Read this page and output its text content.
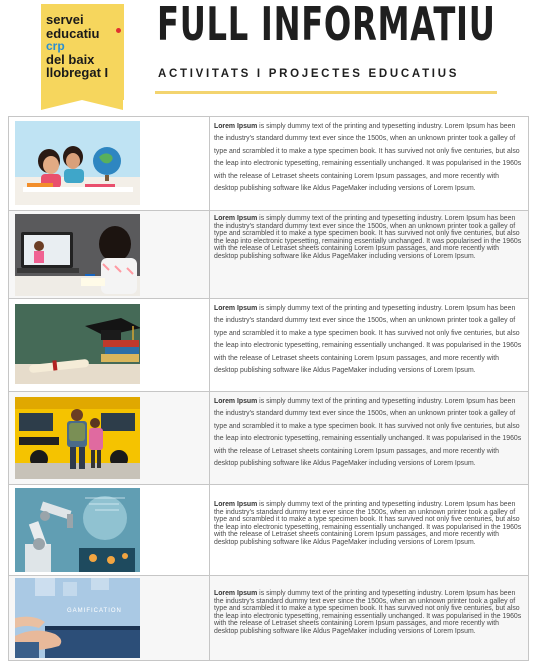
servei
educatiu
crp
del baix
llobregat I
FULL INFORMATIU
ACTIVITATS I PROJECTES EDUCATIUS
Lorem Ipsum is simply dummy text of the printing and typesetting industry. Lorem Ipsum has been the industry's standard dummy text ever since the 1500s, when an unknown printer took a galley of type and scrambled it to make a type specimen book. It has survived not only five centuries, but also the leap into electronic typesetting, remaining essentially unchanged. It was popularised in the 1960s with the release of Letraset sheets containing Lorem Ipsum passages, and more recently with desktop publishing software like Aldus PageMaker including versions of Lorem Ipsum.
Lorem Ipsum is simply dummy text of the printing and typesetting industry. Lorem Ipsum has been the industry's standard dummy text ever since the 1500s, when an unknown printer took a galley of type and scrambled it to make a type specimen book. It has survived not only five centuries, but also the leap into electronic typesetting, remaining essentially unchanged. It was popularised in the 1960s with the release of Letraset sheets containing Lorem Ipsum passages, and more recently with desktop publishing software like Aldus PageMaker including versions of Lorem Ipsum.
Lorem Ipsum is simply dummy text of the printing and typesetting industry. Lorem Ipsum has been the industry's standard dummy text ever since the 1500s, when an unknown printer took a galley of type and scrambled it to make a type specimen book. It has survived not only five centuries, but also the leap into electronic typesetting, remaining essentially unchanged. It was popularised in the 1960s with the release of Letraset sheets containing Lorem Ipsum passages, and more recently with desktop publishing software like Aldus PageMaker including versions of Lorem Ipsum.
Lorem Ipsum is simply dummy text of the printing and typesetting industry. Lorem Ipsum has been the industry's standard dummy text ever since the 1500s, when an unknown printer took a galley of type and scrambled it to make a type specimen book. It has survived not only five centuries, but also the leap into electronic typesetting, remaining essentially unchanged. It was popularised in the 1960s with the release of Letraset sheets containing Lorem Ipsum passages, and more recently with desktop publishing software like Aldus PageMaker including versions of Lorem Ipsum.
Lorem Ipsum is simply dummy text of the printing and typesetting industry. Lorem Ipsum has been the industry's standard dummy text ever since the 1500s, when an unknown printer took a galley of type and scrambled it to make a type specimen book. It has survived not only five centuries, but also the leap into electronic typesetting, remaining essentially unchanged. It was popularised in the 1960s with the release of Letraset sheets containing Lorem Ipsum passages, and more recently with desktop publishing software like Aldus PageMaker including versions of Lorem Ipsum.
GAMIFICATION
Lorem Ipsum is simply dummy text of the printing and typesetting industry. Lorem Ipsum has been the industry's standard dummy text ever since the 1500s, when an unknown printer took a galley of type and scrambled it to make a type specimen book. It has survived not only five centuries, but also the leap into electronic typesetting, remaining essentially unchanged. It was popularised in the 1960s with the release of Letraset sheets containing Lorem Ipsum passages, and more recently with desktop publishing software like Aldus PageMaker including versions of Lorem Ipsum.
